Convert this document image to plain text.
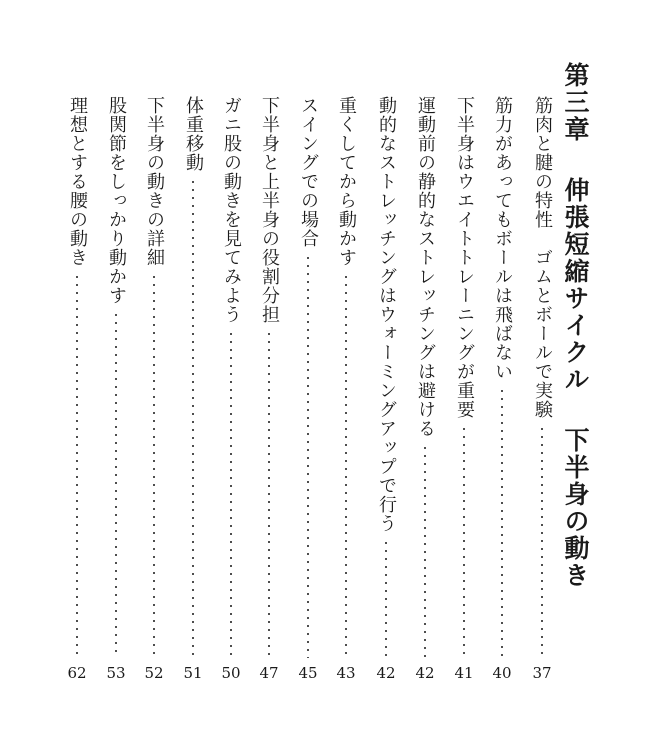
第三章伸張短縮サイクル下半身の動き
筋肉と腱の特性　ゴムとボールで実験
37
筋力があってもボールは飛ばない
40
下半身はウエイトトレーニングが重要
41
運動前の静的なストレッチングは避ける
42
動的なストレッチングはウォーミングアップで行う
42
重くしてから動かす
43
スイングでの場合
45
下半身と上半身の役割分担
47
ガニ股の動きを見てみよう
50
体重移動
51
下半身の動きの詳細
52
股関節をしっかり動かす
53
理想とする腰の動き
62
